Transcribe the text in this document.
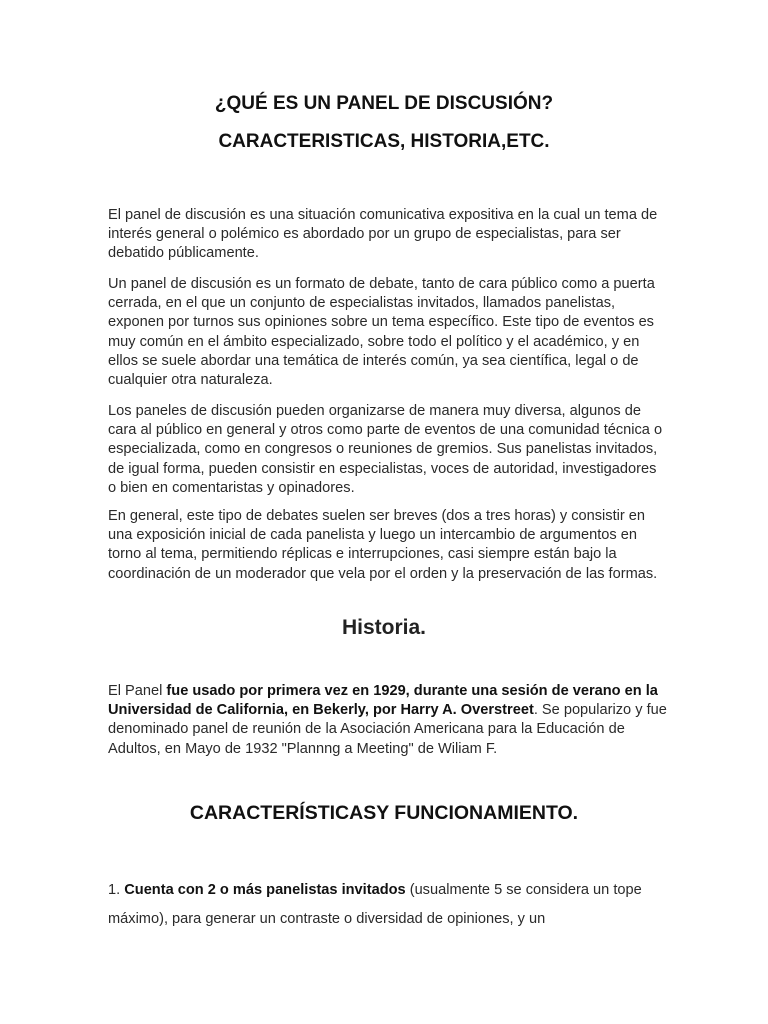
¿QUÉ ES UN PANEL DE DISCUSIÓN?
CARACTERISTICAS, HISTORIA,ETC.

El panel de discusión es una situación comunicativa expositiva en la cual un tema de interés general o polémico es abordado por un grupo de especialistas, para ser debatido públicamente.

Un panel de discusión es un formato de debate, tanto de cara público como a puerta cerrada, en el que un conjunto de especialistas invitados, llamados panelistas, exponen por turnos sus opiniones sobre un tema específico. Este tipo de eventos es muy común en el ámbito especializado, sobre todo el político y el académico, y en ellos se suele abordar una temática de interés común, ya sea científica, legal o de cualquier otra naturaleza.

Los paneles de discusión pueden organizarse de manera muy diversa, algunos de cara al público en general y otros como parte de eventos de una comunidad técnica o especializada, como en congresos o reuniones de gremios. Sus panelistas invitados, de igual forma, pueden consistir en especialistas, voces de autoridad, investigadores o bien en comentaristas y opinadores.

En general, este tipo de debates suelen ser breves (dos a tres horas) y consistir en una exposición inicial de cada panelista y luego un intercambio de argumentos en torno al tema, permitiendo réplicas e interrupciones, casi siempre están bajo la coordinación de un moderador que vela por el orden y la preservación de las formas.

Historia.

El Panel fue usado por primera vez en 1929, durante una sesión de verano en la Universidad de California, en Bekerly, por Harry A. Overstreet. Se popularizo y fue denominado panel de reunión de la Asociación Americana para la Educación de Adultos, en Mayo de 1932 "Plannng a Meeting" de Wiliam F.

CARACTERÍSTICASY FUNCIONAMIENTO.

1. Cuenta con 2 o más panelistas invitados (usualmente 5 se considera un tope máximo), para generar un contraste o diversidad de opiniones, y un
